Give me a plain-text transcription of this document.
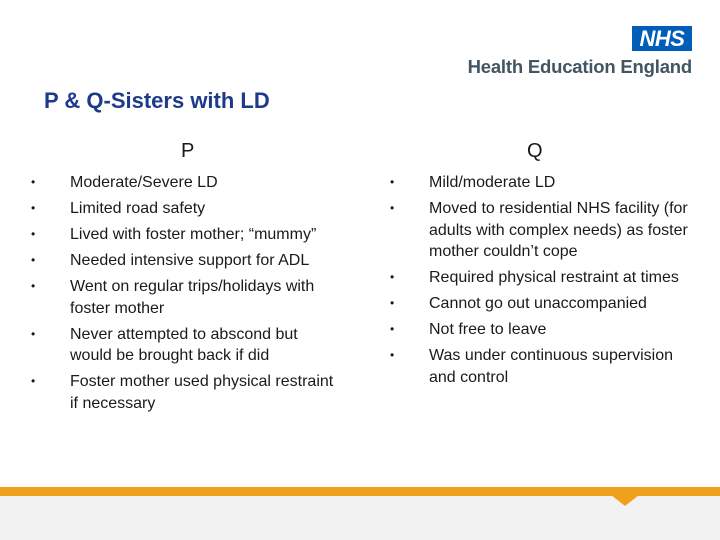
NHS
Health Education England
P & Q-Sisters with LD
P	Q
• Moderate/Severe LD
• Limited road safety
• Lived with foster mother; “mummy”
• Needed intensive support for ADL
• Went on regular trips/holidays with foster mother
• Never attempted to abscond but would be brought back if did
• Foster mother used physical restraint if necessary
• Mild/moderate LD
• Moved to residential NHS facility (for adults with complex needs) as foster mother couldn’t cope
• Required physical restraint at times
• Cannot go out unaccompanied
• Not free to leave
• Was under continuous supervision and control
